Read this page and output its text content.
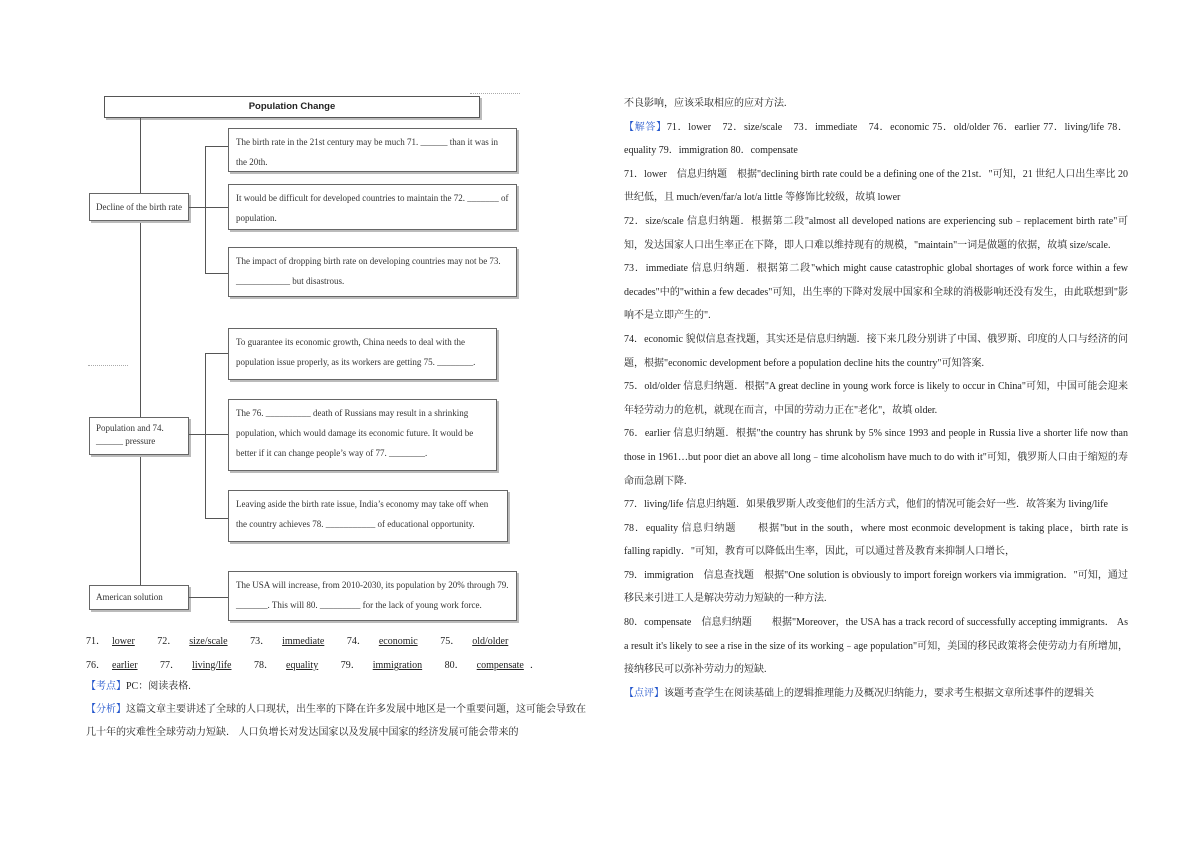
Population Change
Decline of the birth rate
The birth rate in the 21st century may be much 71. ______ than it was in the 20th.
It would be difficult for developed countries to maintain the 72. _______ of population.
The impact of dropping birth rate on developing countries may not be 73. ____________ but disastrous.
Population and 74. ______ pressure
To guarantee its economic growth, China needs to deal with the population issue properly, as its workers are getting 75. ________.
The 76. __________ death of Russians may result in a shrinking population, which would damage its economic future. It would be better if it can change people’s way of 77. ________.
Leaving aside the birth rate issue, India’s economy may take off when the country achieves 78. ___________ of educational opportunity.
American solution
The USA will increase, from 2010-2030, its population by 20% through 79. _______. This will 80. _________ for the lack of young work force.
71． lower 72． size/scale 73． immediate 74． economic 75． old/older
76． earlier 77． living/life 78． equality 79． immigration 80． compensate ．
【考点】PC：阅读表格.
【分析】这篇文章主要讲述了全球的人口现状，出生率的下降在许多发展中地区是一个重要问题，这可能会导致在几十年的灾难性全球劳动力短缺． 人口负增长对发达国家以及发展中国家的经济发展可能会带来的

不良影响，应该采取相应的应对方法.

【解答】71．lower　72．size/scale　73．immediate　74．economic 75．old/older 76．earlier 77．living/life 78．equality 79．immigration 80．compensate

71．lower　信息归纳题　根据"declining birth rate could be a defining one of the 21st．"可知，21 世纪人口出生率比 20 世纪低，且 much/even/far/a lot/a little 等修饰比较级，故填 lower

72．size/scale 信息归纳题．根据第二段"almost all developed nations are experiencing sub﹣replacement birth rate"可知，发达国家人口出生率正在下降，即人口难以维持现有的规模，"maintain"一词是做题的依据，故填 size/scale.

73．immediate 信息归纳题．根据第二段"which might cause catastrophic global shortages of work force within a few decades"中的"within a few decades"可知，出生率的下降对发展中国家和全球的消极影响还没有发生，由此联想到"影响不是立即产生的".

74．economic 貌似信息查找题，其实还是信息归纳题．接下来几段分别讲了中国、俄罗斯、印度的人口与经济的问题，根据"economic development before a population decline hits the country"可知答案.

75．old/older 信息归纳题．根据"A great decline in young work force is likely to occur in China"可知，中国可能会迎来年轻劳动力的危机，就现在而言，中国的劳动力正在"老化"，故填 older.

76．earlier 信息归纳题．根据"the country has shrunk by 5% since 1993 and people in Russia live a shorter life now than those in 1961…but poor diet an above all long﹣time alcoholism have much to do with it"可知，俄罗斯人口由于缩短的寿命而急剧下降.

77．living/life 信息归纳题．如果俄罗斯人改变他们的生活方式，他们的情况可能会好一些．故答案为 living/life

78．equality 信息归纳题　　根据"but in the south，where most econmoic development is taking place，birth rate is falling rapidly．"可知，教育可以降低出生率，因此，可以通过普及教育来抑制人口增长，

79．immigration　信息查找题　根据"One solution is obviously to import foreign workers via immigration．"可知，通过移民来引进工人是解决劳动力短缺的一种方法.

80．compensate　信息归纳题　　根据"Moreover，the USA has a track record of successfully accepting immigrants． As a result it's likely to see a rise in the size of its working﹣age population"可知，美国的移民政策将会使劳动力有所增加，接纳移民可以弥补劳动力的短缺.

【点评】该题考查学生在阅读基础上的逻辑推理能力及概况归纳能力，要求考生根据文章所述事件的逻辑关
